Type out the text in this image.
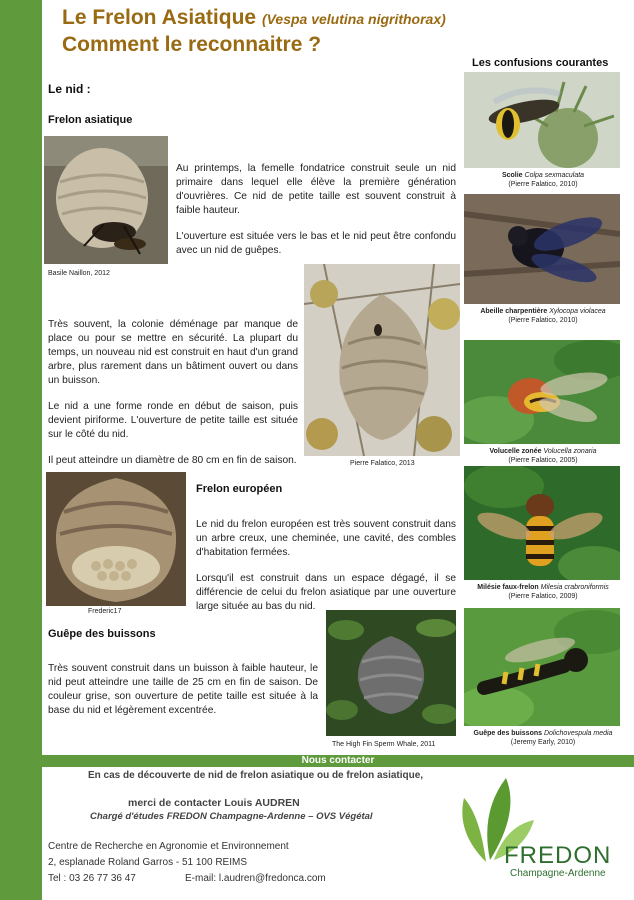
Le Frelon Asiatique (Vespa velutina nigrithorax)
Comment le reconnaitre ?
Le nid :
Frelon asiatique
Basile Naillon, 2012

Au printemps, la femelle fondatrice construit seule un nid primaire dans lequel elle élève la première génération d'ouvrières. Ce nid de petite taille est souvent construit à faible hauteur.

L'ouverture est située vers le bas et le nid peut être confondu avec un nid de guêpes.

Très souvent, la colonie déménage par manque de place ou pour se mettre en sécurité. La plupart du temps, un nouveau nid est construit en haut d'un grand arbre, plus rarement dans un bâtiment ouvert ou dans un buisson.

Le nid a une forme ronde en début de saison, puis devient piriforme. L'ouverture de petite taille est située sur le côté du nid.

Il peut atteindre un diamètre de 80 cm en fin de saison.	Pierre Falatico, 2013
Frederic17
Frelon européen

Le nid du frelon européen est très souvent construit dans un arbre creux, une cheminée, une cavité, des combles d'habitation fermées.

Lorsqu'il est construit dans un espace dégagé, il se différencie de celui du frelon asiatique par une ouverture large située au bas du nid.

Guêpe des buissons

Très souvent construit dans un buisson à faible hauteur, le nid peut atteindre une taille de 25 cm en fin de saison. De couleur grise, son ouverture de petite taille est située à la base du nid et légèrement excentrée.

The High Fin Sperm Whale, 2011
Les confusions courantes
Scolie Colpa sexmaculata
(Pierre Falatico, 2010)
Abeille charpentière Xylocopa violacea
(Pierre Falatico, 2010)
Volucelle zonée Volucella zonaria
(Pierre Falatico, 2005)
Milésie faux-frelon Milesia crabroniformis
(Pierre Falatico, 2009)
Guêpe des buissons Dolichovespula media
(Jeremy Early, 2010)
Nous contacter
En cas de découverte de nid de frelon asiatique ou de frelon asiatique,
merci de contacter Louis AUDREN
Chargé d'études FREDON Champagne-Ardenne – OVS Végétal
Centre de Recherche en Agronomie et Environnement
2, esplanade Roland Garros - 51 100 REIMS
Tel : 03 26 77 36 47	E-mail: l.audren@fredonca.com
FREDON
Champagne-Ardenne
